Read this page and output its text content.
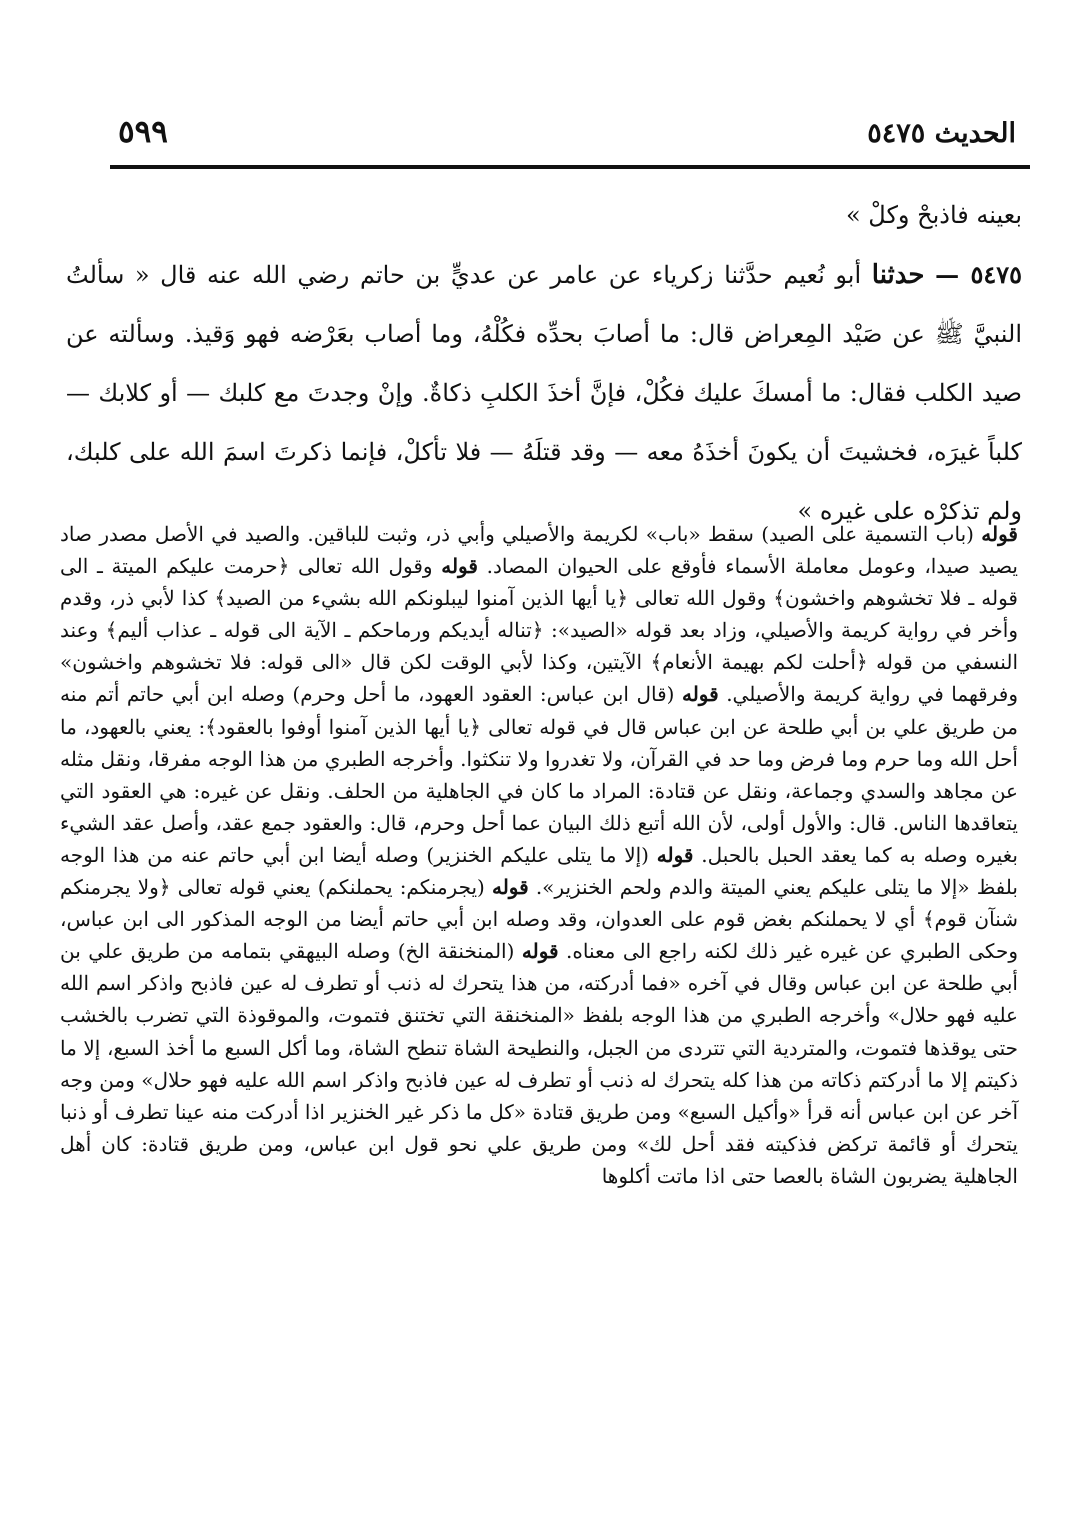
الحديث ٥٤٧٥
٥٩٩

بعينه فاذبحْ وكلْ »

٥٤٧٥ — حدثنا أبو نُعيم حدَّثنا زكرياء عن عامر عن عديٍّ بن حاتم رضي الله عنه قال « سألتُ النبيَّ ﷺ عن صَيْد المِعراض قال: ما أصابَ بحدِّه فكُلْهُ، وما أصاب بعَرْضه فهو وَقيذ. وسألته عن صيد الكلب فقال: ما أمسكَ عليك فكُلْ، فإنَّ أخذَ الكلبِ ذكاةٌ. وإنْ وجدتَ مع كلبك — أو كلابك — كلباً غيرَه، فخشيتَ أن يكونَ أخذَهُ معه — وقد قتلَهُ — فلا تأكلْ، فإنما ذكرتَ اسمَ الله على كلبك، ولم تذكرْه على غيره »

قوله (باب التسمية على الصيد) سقط «باب» لكريمة والأصيلي وأبي ذر، وثبت للباقين. والصيد في الأصل مصدر صاد يصيد صيدا، وعومل معاملة الأسماء فأوقع على الحيوان المصاد. قوله وقول الله تعالى ﴿حرمت عليكم الميتة ـ الى قوله ـ فلا تخشوهم واخشون﴾ وقول الله تعالى ﴿يا أيها الذين آمنوا ليبلونكم الله بشيء من الصيد﴾ كذا لأبي ذر، وقدم وأخر في رواية كريمة والأصيلي، وزاد بعد قوله «الصيد»: ﴿تناله أيديكم ورماحكم ـ الآية الى قوله ـ عذاب أليم﴾ وعند النسفي من قوله ﴿أحلت لكم بهيمة الأنعام﴾ الآيتين، وكذا لأبي الوقت لكن قال «الى قوله: فلا تخشوهم واخشون» وفرقهما في رواية كريمة والأصيلي. قوله (قال ابن عباس: العقود العهود، ما أحل وحرم) وصله ابن أبي حاتم أتم منه من طريق علي بن أبي طلحة عن ابن عباس قال في قوله تعالى ﴿يا أيها الذين آمنوا أوفوا بالعقود﴾: يعني بالعهود، ما أحل الله وما حرم وما فرض وما حد في القرآن، ولا تغدروا ولا تنكثوا. وأخرجه الطبري من هذا الوجه مفرقا، ونقل مثله عن مجاهد والسدي وجماعة، ونقل عن قتادة: المراد ما كان في الجاهلية من الحلف. ونقل عن غيره: هي العقود التي يتعاقدها الناس. قال: والأول أولى، لأن الله أتبع ذلك البيان عما أحل وحرم، قال: والعقود جمع عقد، وأصل عقد الشيء بغيره وصله به كما يعقد الحبل بالحبل. قوله (إلا ما يتلى عليكم الخنزير) وصله أيضا ابن أبي حاتم عنه من هذا الوجه بلفظ «إلا ما يتلى عليكم يعني الميتة والدم ولحم الخنزير». قوله (يجرمنكم: يحملنكم) يعني قوله تعالى ﴿ولا يجرمنكم شنآن قوم﴾ أي لا يحملنكم بغض قوم على العدوان، وقد وصله ابن أبي حاتم أيضا من الوجه المذكور الى ابن عباس، وحكى الطبري عن غيره غير ذلك لكنه راجع الى معناه. قوله (المنخنقة الخ) وصله البيهقي بتمامه من طريق علي بن أبي طلحة عن ابن عباس وقال في آخره «فما أدركته، من هذا يتحرك له ذنب أو تطرف له عين فاذبح واذكر اسم الله عليه فهو حلال» وأخرجه الطبري من هذا الوجه بلفظ «المنخنقة التي تختنق فتموت، والموقوذة التي تضرب بالخشب حتى يوقذها فتموت، والمتردية التي تتردى من الجبل، والنطيحة الشاة تنطح الشاة، وما أكل السبع ما أخذ السبع، إلا ما ذكيتم إلا ما أدركتم ذكاته من هذا كله يتحرك له ذنب أو تطرف له عين فاذبح واذكر اسم الله عليه فهو حلال» ومن وجه آخر عن ابن عباس أنه قرأ «وأكيل السبع» ومن طريق قتادة «كل ما ذكر غير الخنزير اذا أدركت منه عينا تطرف أو ذنبا يتحرك أو قائمة تركض فذكيته فقد أحل لك» ومن طريق علي نحو قول ابن عباس، ومن طريق قتادة: كان أهل الجاهلية يضربون الشاة بالعصا حتى اذا ماتت أكلوها
